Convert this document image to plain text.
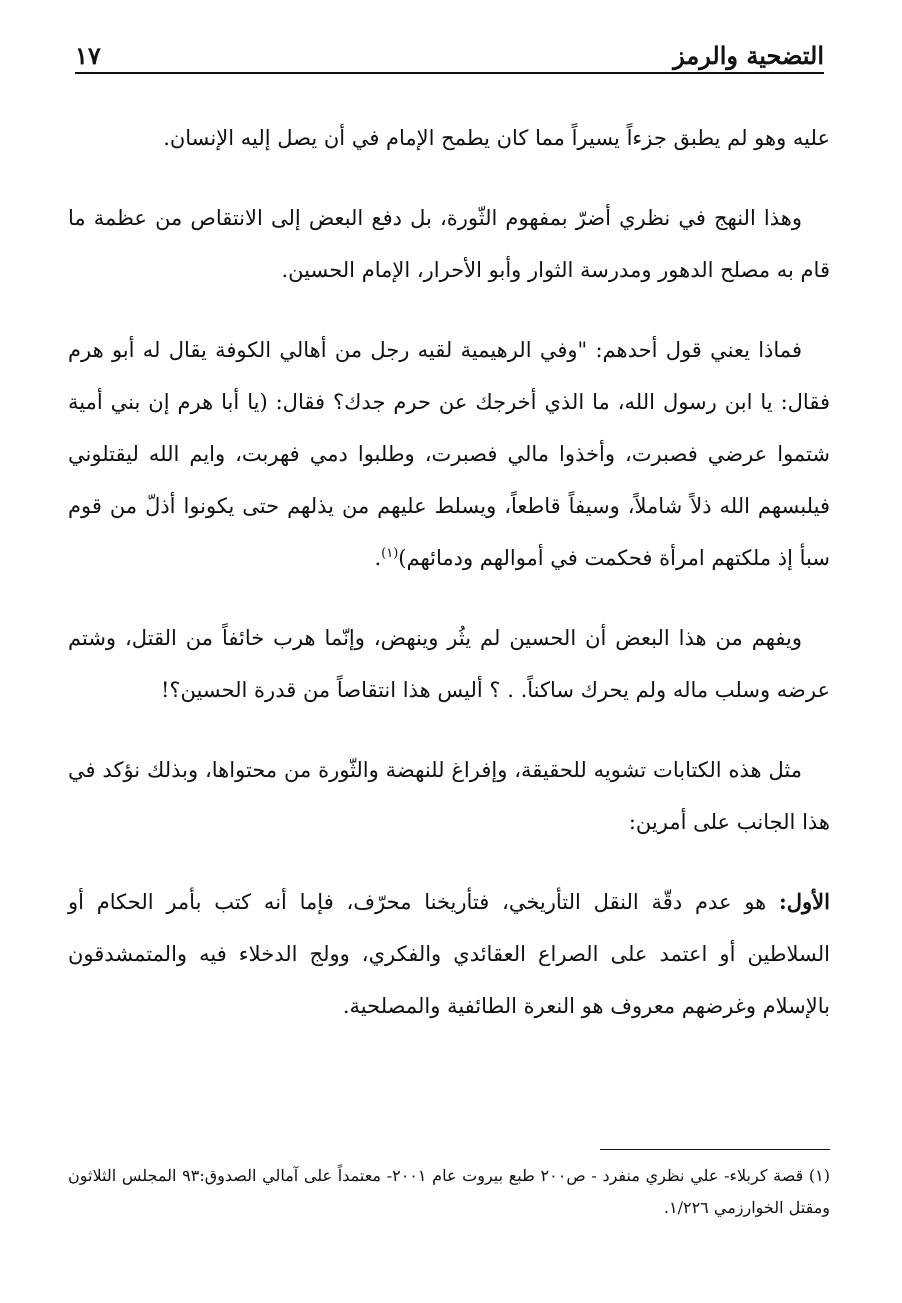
التضحية والرمز
١٧

عليه وهو لم يطبق جزءاً يسيراً مما كان يطمح الإمام في أن يصل إليه الإنسان.

وهذا النهج في نظري أضرّ بمفهوم الثّورة، بل دفع البعض إلى الانتقاص من عظمة ما قام به مصلح الدهور ومدرسة الثوار وأبو الأحرار، الإمام الحسين.

فماذا يعني قول أحدهم: "وفي الرهيمية لقيه رجل من أهالي الكوفة يقال له أبو هرم فقال: يا ابن رسول الله، ما الذي أخرجك عن حرم جدك؟ فقال: (يا أبا هرم إن بني أمية شتموا عرضي فصبرت، وأخذوا مالي فصبرت، وطلبوا دمي فهربت، وايم الله ليقتلوني فيلبسهم الله ذلاً شاملاً، وسيفاً قاطعاً، ويسلط عليهم من يذلهم حتى يكونوا أذلّ من قوم سبأ إذ ملكتهم امرأة فحكمت في أموالهم ودمائهم)$^{(١)}$.

ويفهم من هذا البعض أن الحسين لم يثُر وينهض، وإنّما هرب خائفاً من القتل، وشتم عرضه وسلب ماله ولم يحرك ساكناً. . ؟ أليس هذا انتقاصاً من قدرة الحسين؟!

مثل هذه الكتابات تشويه للحقيقة، وإفراغ للنهضة والثّورة من محتواها، وبذلك نؤكد في هذا الجانب على أمرين:

الأول: هو عدم دقّة النقل التأريخي، فتأريخنا محرّف، فإما أنه كتب بأمر الحكام أو السلاطين أو اعتمد على الصراع العقائدي والفكري، وولج الدخلاء فيه والمتمشدقون بالإسلام وغرضهم معروف هو النعرة الطائفية والمصلحية.

(١) قصة كربلاء- علي نظري منفرد - ص٢٠٠ طبع بيروت عام ٢٠٠١- معتمداً على آمالي الصدوق:٩٣ المجلس الثلاثون ومقتل الخوارزمي ١/٢٢٦.
